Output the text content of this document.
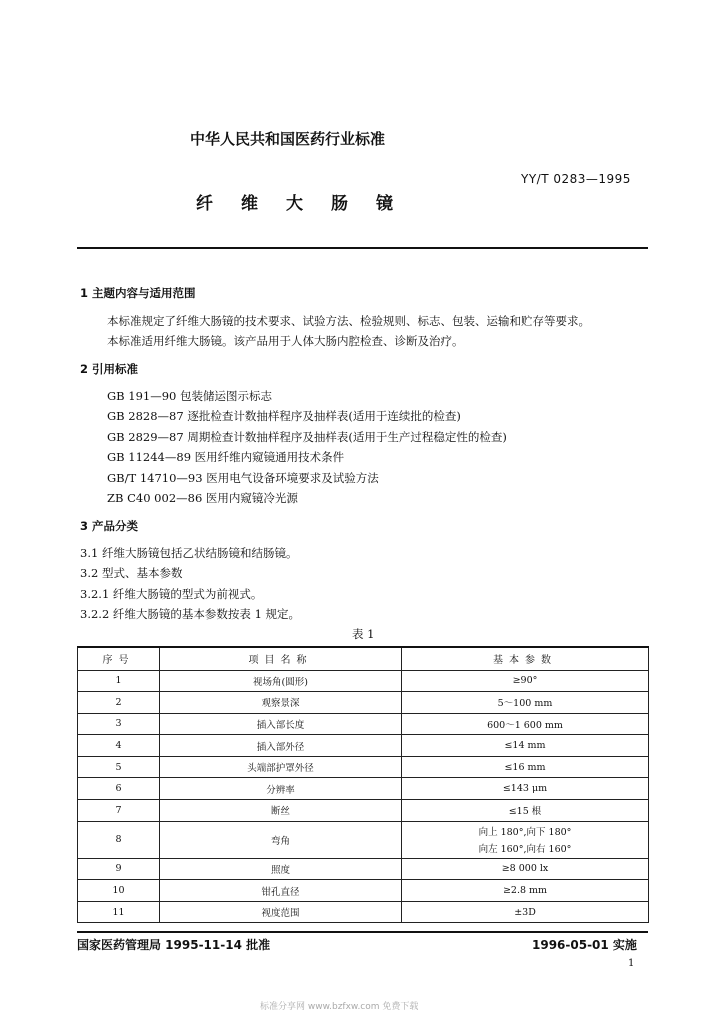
中华人民共和国医药行业标准
YY/T 0283—1995
纤维大肠镜
1 主题内容与适用范围
本标准规定了纤维大肠镜的技术要求、试验方法、检验规则、标志、包装、运输和贮存等要求。
本标准适用纤维大肠镜。该产品用于人体大肠内腔检查、诊断及治疗。
2 引用标准
GB 191—90 包装储运图示标志
GB 2828—87 逐批检查计数抽样程序及抽样表(适用于连续批的检查)
GB 2829—87 周期检查计数抽样程序及抽样表(适用于生产过程稳定性的检查)
GB 11244—89 医用纤维内窥镜通用技术条件
GB/T 14710—93 医用电气设备环境要求及试验方法
ZB C40 002—86 医用内窥镜冷光源
3 产品分类
3.1 纤维大肠镜包括乙状结肠镜和结肠镜。
3.2 型式、基本参数
3.2.1 纤维大肠镜的型式为前视式。
3.2.2 纤维大肠镜的基本参数按表 1 规定。
表 1
序号	项目名称	基本参数
1	视场角(圆形)	≥90°

2	观察景深	5～100 mm

3	插入部长度	600～1 600 mm

4	插入部外径	≤14 mm

5	头端部护罩外径	≤16 mm

6	分辨率	≤143 μm

7	断丝	≤15 根

8	弯角	向上 180°,向下 180°
向左 160°,向右 160°

9	照度	≥8 000 lx

10	钳孔直径	≥2.8 mm

11	视度范围	±3D
国家医药管理局 1995-11-14 批准	1996-05-01 实施
1
标准分享网 www.bzfxw.com 免费下载
